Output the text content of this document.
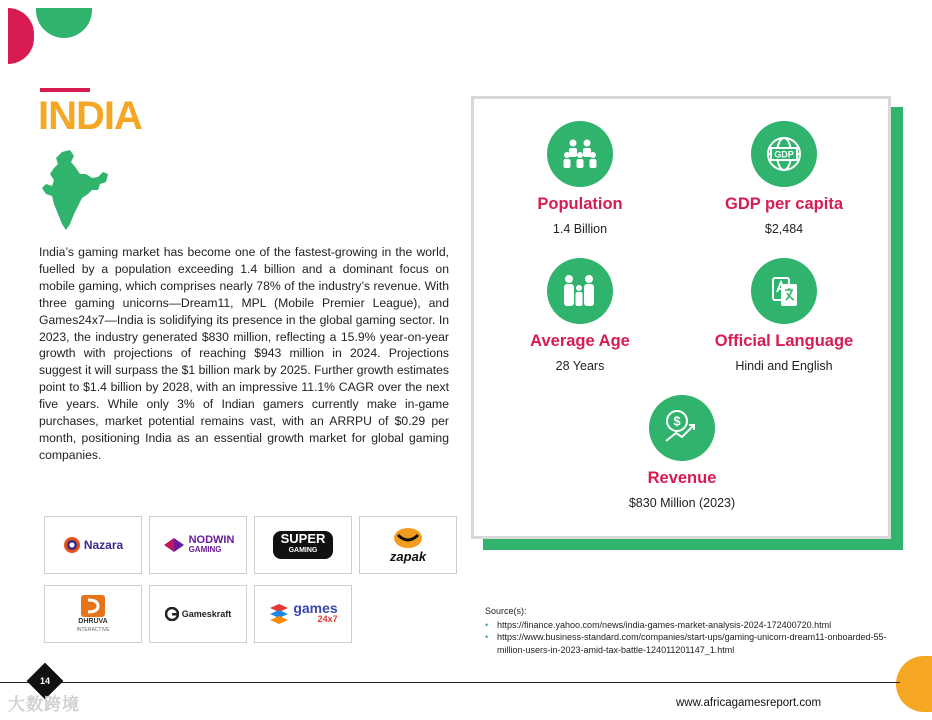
INDIA
India’s gaming market has become one of the fastest-growing in the world, fuelled by a population exceeding 1.4 billion and a dominant focus on mobile gaming, which comprises nearly 78% of the industry’s revenue. With three gaming unicorns—Dream11, MPL (Mobile Premier League), and Games24x7—India is solidifying its presence in the global gaming sector. In 2023, the industry generated $830 million, reflecting a 15.9% year-on-year growth with projections of reaching $943 million in 2024. Projections suggest it will surpass the $1 billion mark by 2025. Further growth estimates point to $1.4 billion by 2028, with an impressive 11.1% CAGR over the next five years. While only 3% of Indian gamers currently make in-game purchases, market potential remains vast, with an ARRPU of $0.29 per month, positioning India as an essential growth market for global gaming companies.
Nazara	NODWIN
GAMING
SUPER
GAMING	zapak
DHRUVA
INTERACTIVE
Gameskraft	games
24x7
Population
1.4 Billion
GDP
GDP per capita
$2,484
Average Age
28 Years
Official Language
Hindi and English
$
Revenue
$830 Million (2023)
Source(s):
• https://finance.yahoo.com/news/india-games-market-analysis-2024-172400720.html
• https://www.business-standard.com/companies/start-ups/gaming-unicorn-dream11-onboarded-55-million-users-in-2023-amid-tax-battle-124011201147_1.html
14
大数跨境	www.africagamesreport.com
